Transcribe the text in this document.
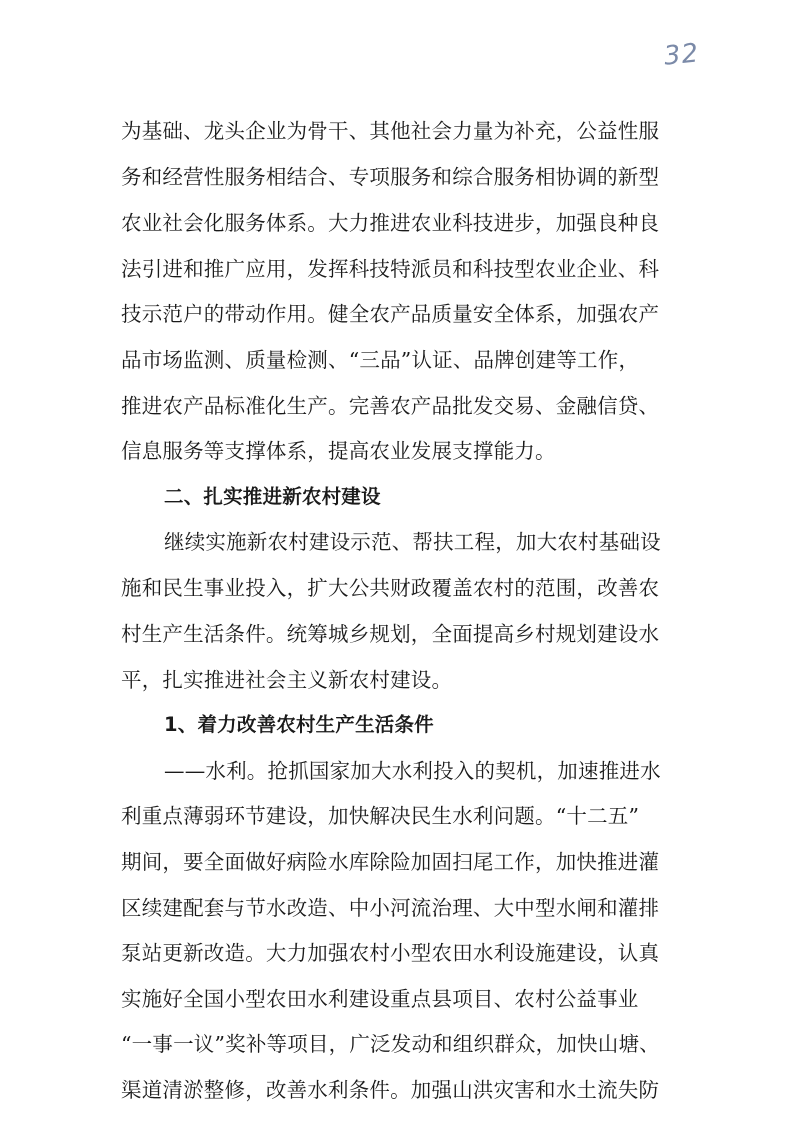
32
为基础、龙头企业为骨干、其他社会力量为补充，公益性服
务和经营性服务相结合、专项服务和综合服务相协调的新型
农业社会化服务体系。大力推进农业科技进步，加强良种良
法引进和推广应用，发挥科技特派员和科技型农业企业、科
技示范户的带动作用。健全农产品质量安全体系，加强农产
品市场监测、质量检测、“三品”认证、品牌创建等工作，
推进农产品标准化生产。完善农产品批发交易、金融信贷、
信息服务等支撑体系，提高农业发展支撑能力。
二、扎实推进新农村建设
继续实施新农村建设示范、帮扶工程，加大农村基础设
施和民生事业投入，扩大公共财政覆盖农村的范围，改善农
村生产生活条件。统筹城乡规划，全面提高乡村规划建设水
平，扎实推进社会主义新农村建设。
1、着力改善农村生产生活条件
——水利。抢抓国家加大水利投入的契机，加速推进水
利重点薄弱环节建设，加快解决民生水利问题。“十二五”
期间，要全面做好病险水库除险加固扫尾工作，加快推进灌
区续建配套与节水改造、中小河流治理、大中型水闸和灌排
泵站更新改造。大力加强农村小型农田水利设施建设，认真
实施好全国小型农田水利建设重点县项目、农村公益事业
“一事一议”奖补等项目，广泛发动和组织群众，加快山塘、
渠道清淤整修，改善水利条件。加强山洪灾害和水土流失防
